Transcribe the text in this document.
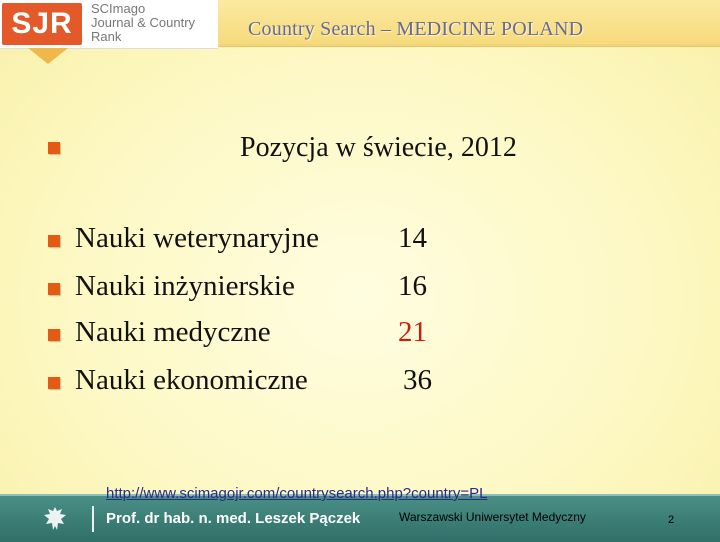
Country Search – MEDICINE POLAND
SJR	SCImago
Journal & Country
Rank
Pozycja w świecie, 2012
Nauki weterynaryjne	14
Nauki inżynierskie	16
Nauki medyczne	21
Nauki ekonomiczne	36
Prof. dr hab. n. med. Leszek Pączek	Warszawski Uniwersytet Medyczny	2
http://www.scimagojr.com/countrysearch.php?country=PL
